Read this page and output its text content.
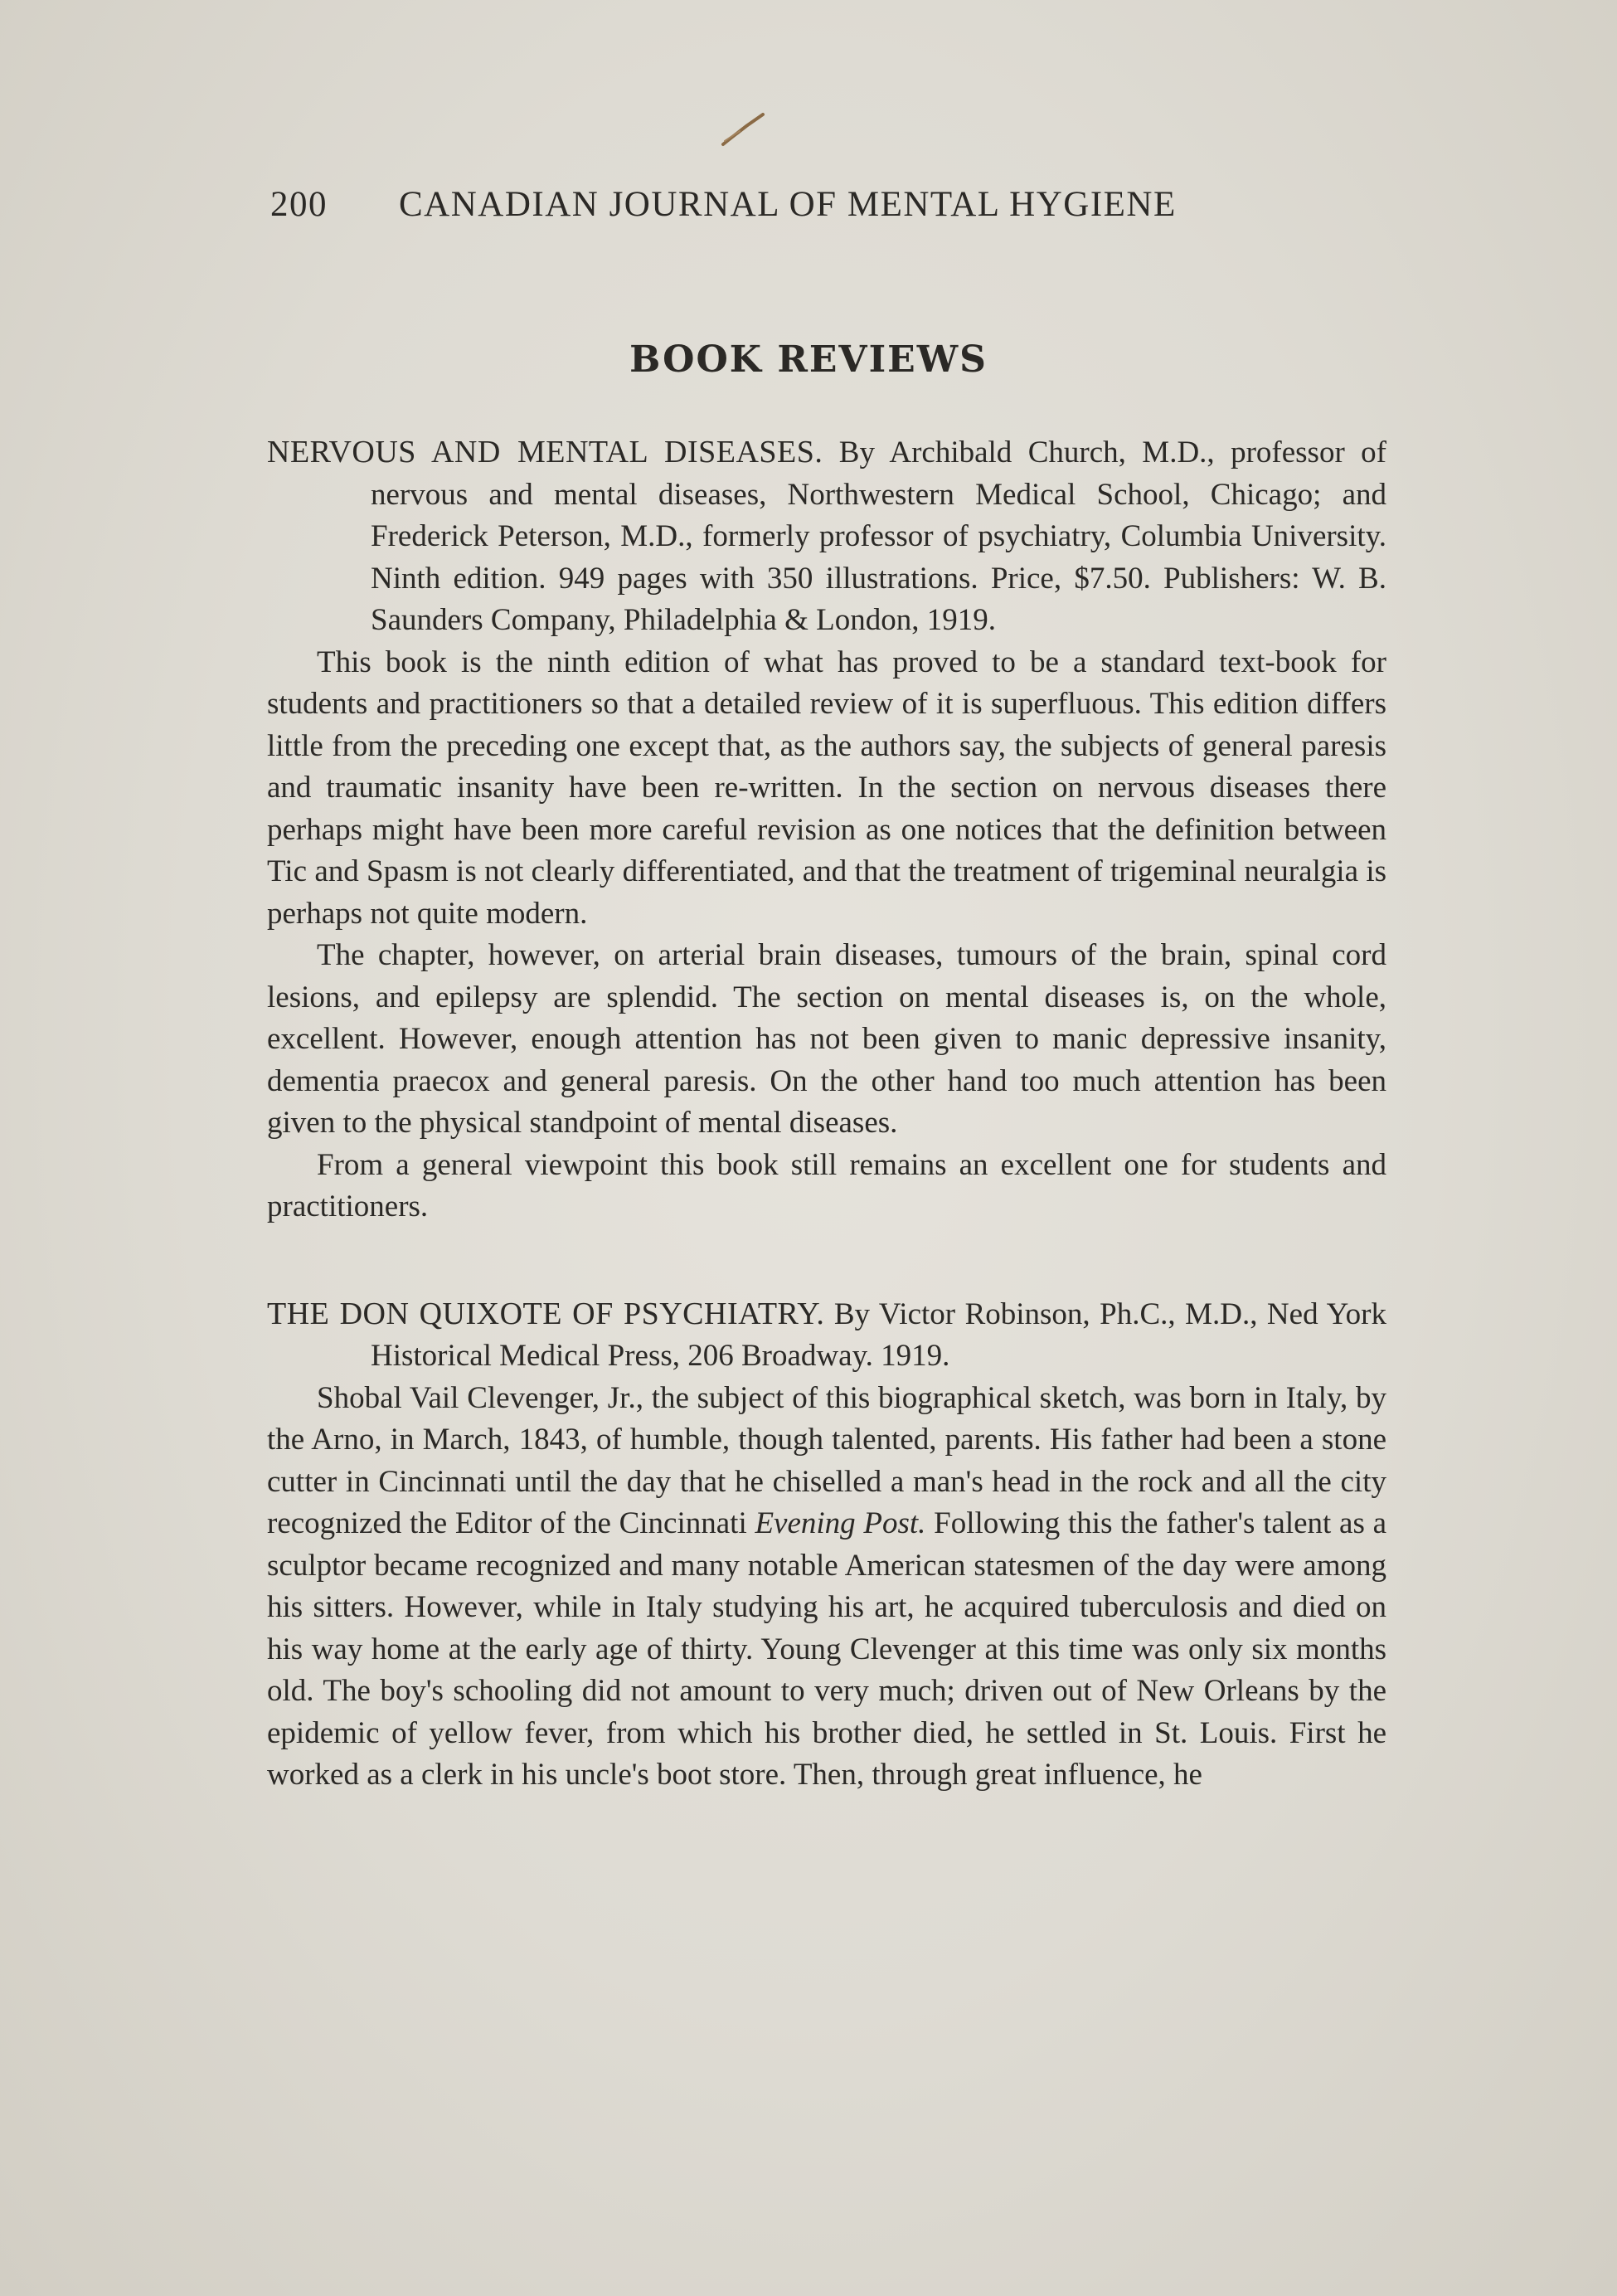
200 CANADIAN JOURNAL OF MENTAL HYGIENE
BOOK REVIEWS

NERVOUS AND MENTAL DISEASES. By Archibald Church, M.D., professor of nervous and mental diseases, Northwestern Medical School, Chicago; and Frederick Peterson, M.D., formerly professor of psychiatry, Columbia University. Ninth edition. 949 pages with 350 illustrations. Price, $7.50. Publishers: W. B. Saunders Company, Philadelphia & London, 1919.

This book is the ninth edition of what has proved to be a standard text-book for students and practitioners so that a detailed review of it is superfluous. This edition differs little from the preceding one except that, as the authors say, the subjects of general paresis and traumatic insanity have been re-written. In the section on nervous diseases there perhaps might have been more careful revision as one notices that the definition between Tic and Spasm is not clearly differentiated, and that the treatment of trigeminal neuralgia is perhaps not quite modern.

The chapter, however, on arterial brain diseases, tumours of the brain, spinal cord lesions, and epilepsy are splendid. The section on mental diseases is, on the whole, excellent. However, enough attention has not been given to manic depressive insanity, dementia praecox and general paresis. On the other hand too much attention has been given to the physical standpoint of mental diseases.

From a general viewpoint this book still remains an excellent one for students and practitioners.

THE DON QUIXOTE OF PSYCHIATRY. By Victor Robinson, Ph.C., M.D., Ned York Historical Medical Press, 206 Broadway. 1919.

Shobal Vail Clevenger, Jr., the subject of this biographical sketch, was born in Italy, by the Arno, in March, 1843, of humble, though talented, parents. His father had been a stone cutter in Cincinnati until the day that he chiselled a man's head in the rock and all the city recognized the Editor of the Cincinnati Evening Post. Following this the father's talent as a sculptor became recognized and many notable American statesmen of the day were among his sitters. However, while in Italy studying his art, he acquired tuberculosis and died on his way home at the early age of thirty. Young Clevenger at this time was only six months old. The boy's schooling did not amount to very much; driven out of New Orleans by the epidemic of yellow fever, from which his brother died, he settled in St. Louis. First he worked as a clerk in his uncle's boot store. Then, through great influence, he
